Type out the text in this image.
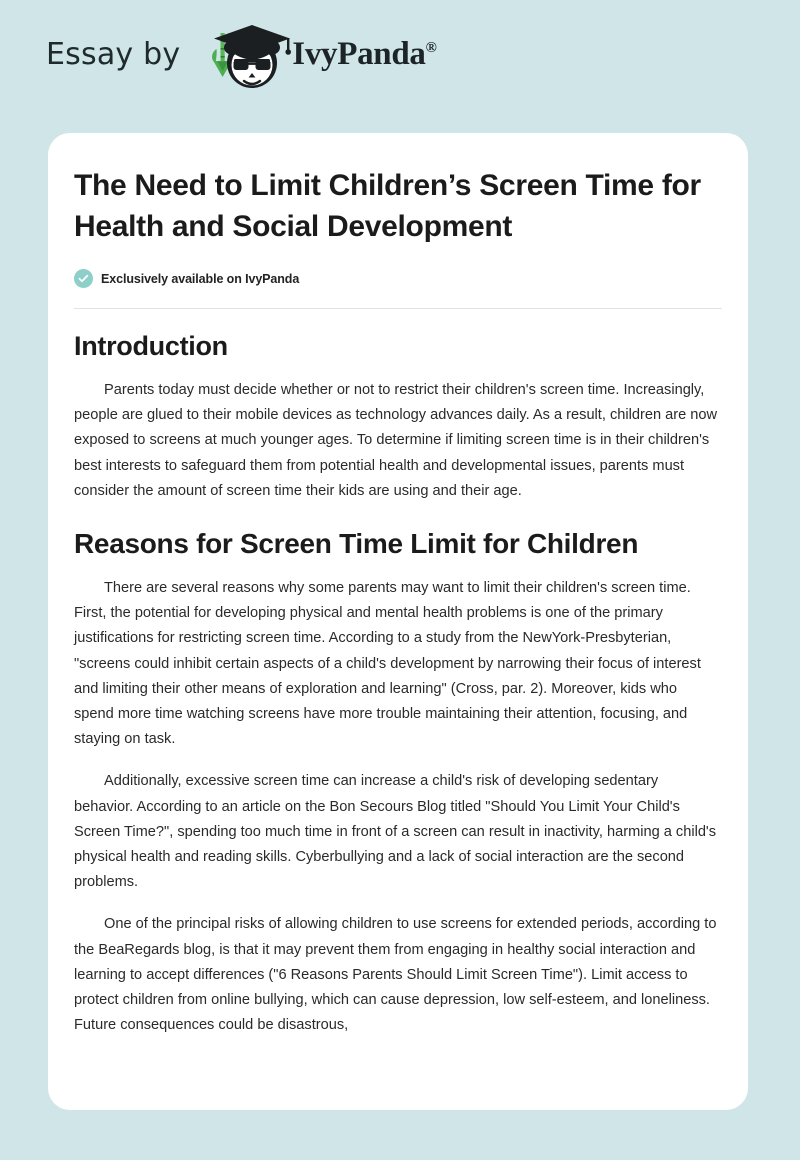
Essay by	IvyPanda®
The Need to Limit Children’s Screen Time for Health and Social Development
Exclusively available on IvyPanda
Introduction

Parents today must decide whether or not to restrict their children's screen time. Increasingly, people are glued to their mobile devices as technology advances daily. As a result, children are now exposed to screens at much younger ages. To determine if limiting screen time is in their children's best interests to safeguard them from potential health and developmental issues, parents must consider the amount of screen time their kids are using and their age.

Reasons for Screen Time Limit for Children

There are several reasons why some parents may want to limit their children's screen time. First, the potential for developing physical and mental health problems is one of the primary justifications for restricting screen time. According to a study from the NewYork-Presbyterian, "screens could inhibit certain aspects of a child's development by narrowing their focus of interest and limiting their other means of exploration and learning" (Cross, par. 2). Moreover, kids who spend more time watching screens have more trouble maintaining their attention, focusing, and staying on task.

Additionally, excessive screen time can increase a child's risk of developing sedentary behavior. According to an article on the Bon Secours Blog titled "Should You Limit Your Child's Screen Time?", spending too much time in front of a screen can result in inactivity, harming a child's physical health and reading skills. Cyberbullying and a lack of social interaction are the second problems.

One of the principal risks of allowing children to use screens for extended periods, according to the BeaRegards blog, is that it may prevent them from engaging in healthy social interaction and learning to accept differences ("6 Reasons Parents Should Limit Screen Time"). Limit access to protect children from online bullying, which can cause depression, low self-esteem, and loneliness. Future consequences could be disastrous,
